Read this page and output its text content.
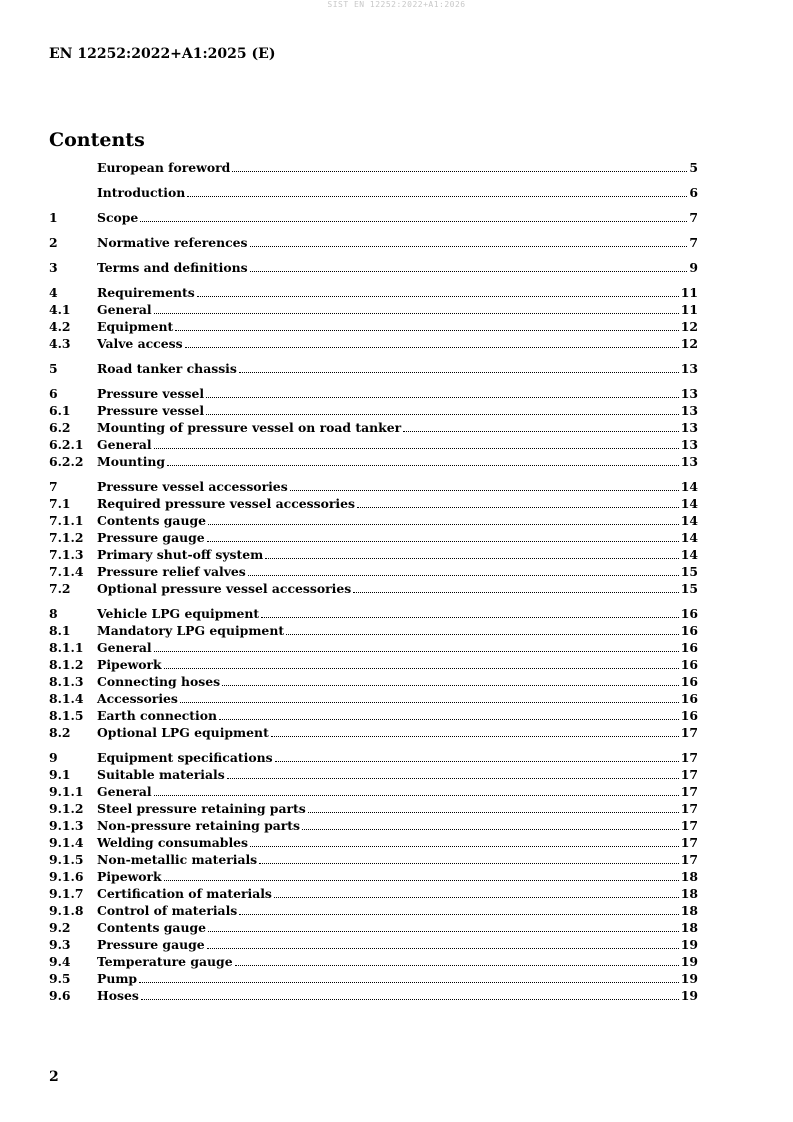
SIST EN 12252:2022+A1:2026
EN 12252:2022+A1:2025 (E)
Contents
European foreword	5
Introduction	6
1	Scope	7
2	Normative references	7
3	Terms and definitions	9
4	Requirements	11
4.1	General	11
4.2	Equipment	12
4.3	Valve access	12
5	Road tanker chassis	13
6	Pressure vessel	13
6.1	Pressure vessel	13
6.2	Mounting of pressure vessel on road tanker	13
6.2.1	General	13
6.2.2	Mounting	13
7	Pressure vessel accessories	14
7.1	Required pressure vessel accessories	14
7.1.1	Contents gauge	14
7.1.2	Pressure gauge	14
7.1.3	Primary shut-off system	14
7.1.4	Pressure relief valves	15
7.2	Optional pressure vessel accessories	15
8	Vehicle LPG equipment	16
8.1	Mandatory LPG equipment	16
8.1.1	General	16
8.1.2	Pipework	16
8.1.3	Connecting hoses	16
8.1.4	Accessories	16
8.1.5	Earth connection	16
8.2	Optional LPG equipment	17
9	Equipment specifications	17
9.1	Suitable materials	17
9.1.1	General	17
9.1.2	Steel pressure retaining parts	17
9.1.3	Non-pressure retaining parts	17
9.1.4	Welding consumables	17
9.1.5	Non-metallic materials	17
9.1.6	Pipework	18
9.1.7	Certification of materials	18
9.1.8	Control of materials	18
9.2	Contents gauge	18
9.3	Pressure gauge	19
9.4	Temperature gauge	19
9.5	Pump	19
9.6	Hoses	19
2
